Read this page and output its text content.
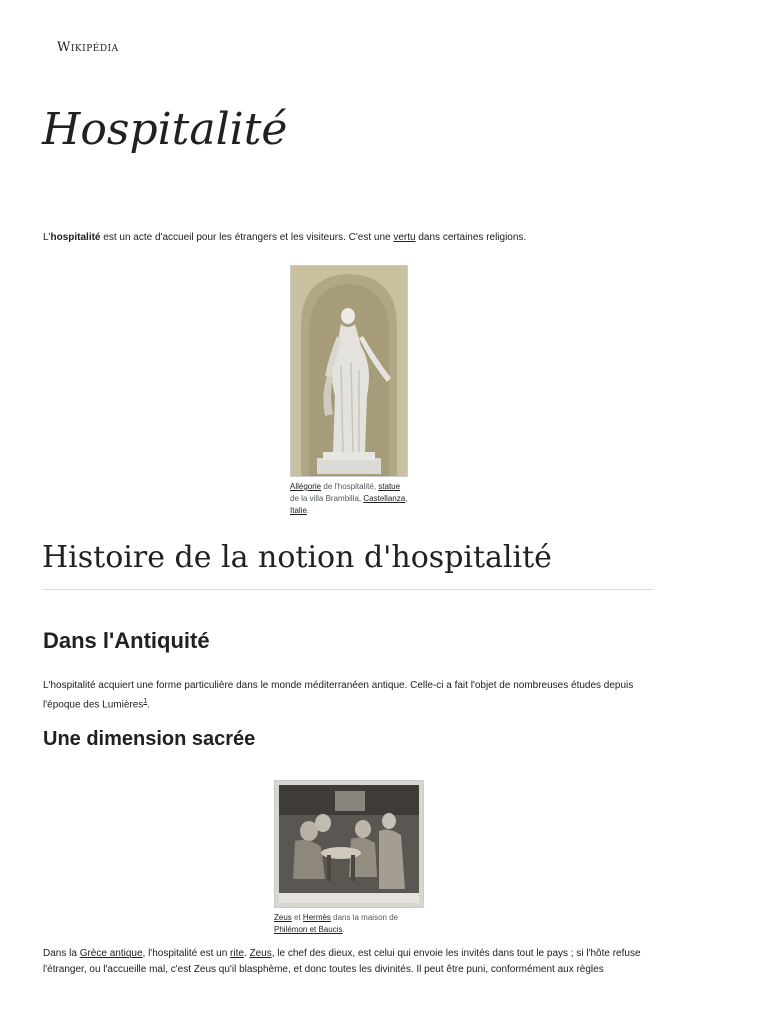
Wikipédia
Hospitalité

L'hospitalité est un acte d'accueil pour les étrangers et les visiteurs. C'est une vertu dans certaines religions.

Allégorie de l'hospitalité, statue de la villa Brambilla, Castellanza, Italie.
Histoire de la notion d'hospitalité
Dans l'Antiquité

L'hospitalité acquiert une forme particulière dans le monde méditerranéen antique. Celle-ci a fait l'objet de nombreuses études depuis l'époque des Lumières$^1$.

Une dimension sacrée
Zeus et Hermès dans la maison de Philémon et Baucis.

Dans la Grèce antique, l'hospitalité est un rite. Zeus, le chef des dieux, est celui qui envoie les invités dans tout le pays ; si l'hôte refuse l'étranger, ou l'accueille mal, c'est Zeus qu'il blasphème, et donc toutes les divinités. Il peut être puni, conformément aux règles
